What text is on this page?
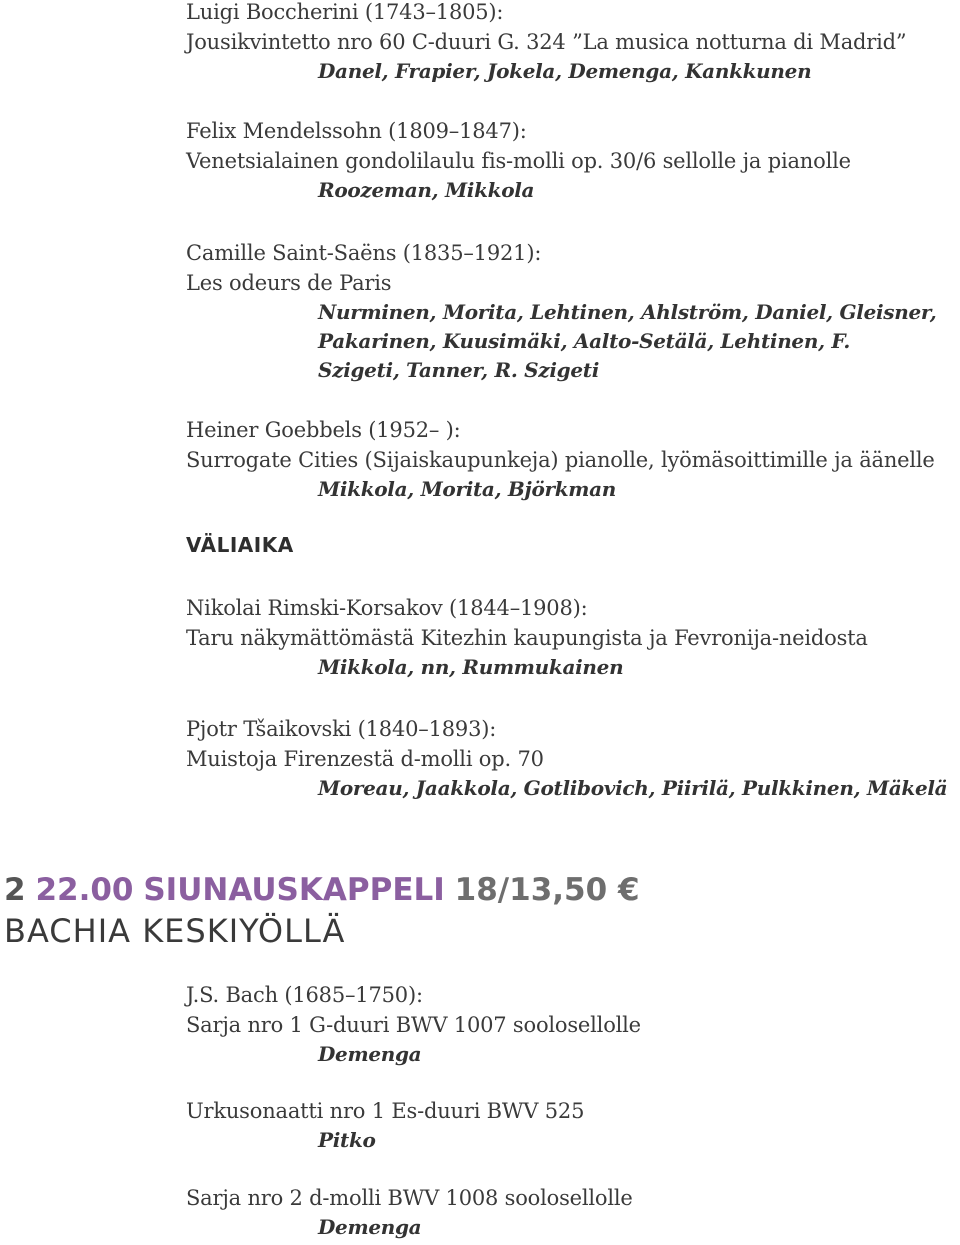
Luigi Boccherini (1743–1805):
Jousikvintetto nro 60 C-duuri G. 324 ”La musica notturna di Madrid”
Danel, Frapier, Jokela, Demenga, Kankkunen
Felix Mendelssohn (1809–1847):
Venetsialainen gondolilaulu fis-molli op. 30/6 sellolle ja pianolle
Roozeman, Mikkola
Camille Saint-Saëns (1835–1921):
Les odeurs de Paris
Nurminen, Morita, Lehtinen, Ahlström, Daniel, Gleisner, Pakarinen, Kuusimäki, Aalto-Setälä, Lehtinen, F. Szigeti, Tanner, R. Szigeti
Heiner Goebbels (1952– ):
Surrogate Cities (Sijaiskaupunkeja) pianolle, lyömäsoittimille ja äänelle
Mikkola, Morita, Björkman
VÄLIAIKA
Nikolai Rimski-Korsakov (1844–1908):
Taru näkymättömästä Kitezhin kaupungista ja Fevronija-neidosta
Mikkola, nn, Rummukainen
Pjotr Tšaikovski (1840–1893):
Muistoja Firenzestä d-molli op. 70
Moreau, Jaakkola, Gotlibovich, Piirilä, Pulkkinen, Mäkelä
2 22.00 SIUNAUSKAPPELI 18/13,50 €
BACHIA KESKIYÖLLÄ
J.S. Bach (1685–1750):
Sarja nro 1 G-duuri BWV 1007 soolosellolle
Demenga
Urkusonaatti nro 1 Es-duuri BWV 525
Pitko
Sarja nro 2 d-molli BWV 1008 soolosellolle
Demenga
